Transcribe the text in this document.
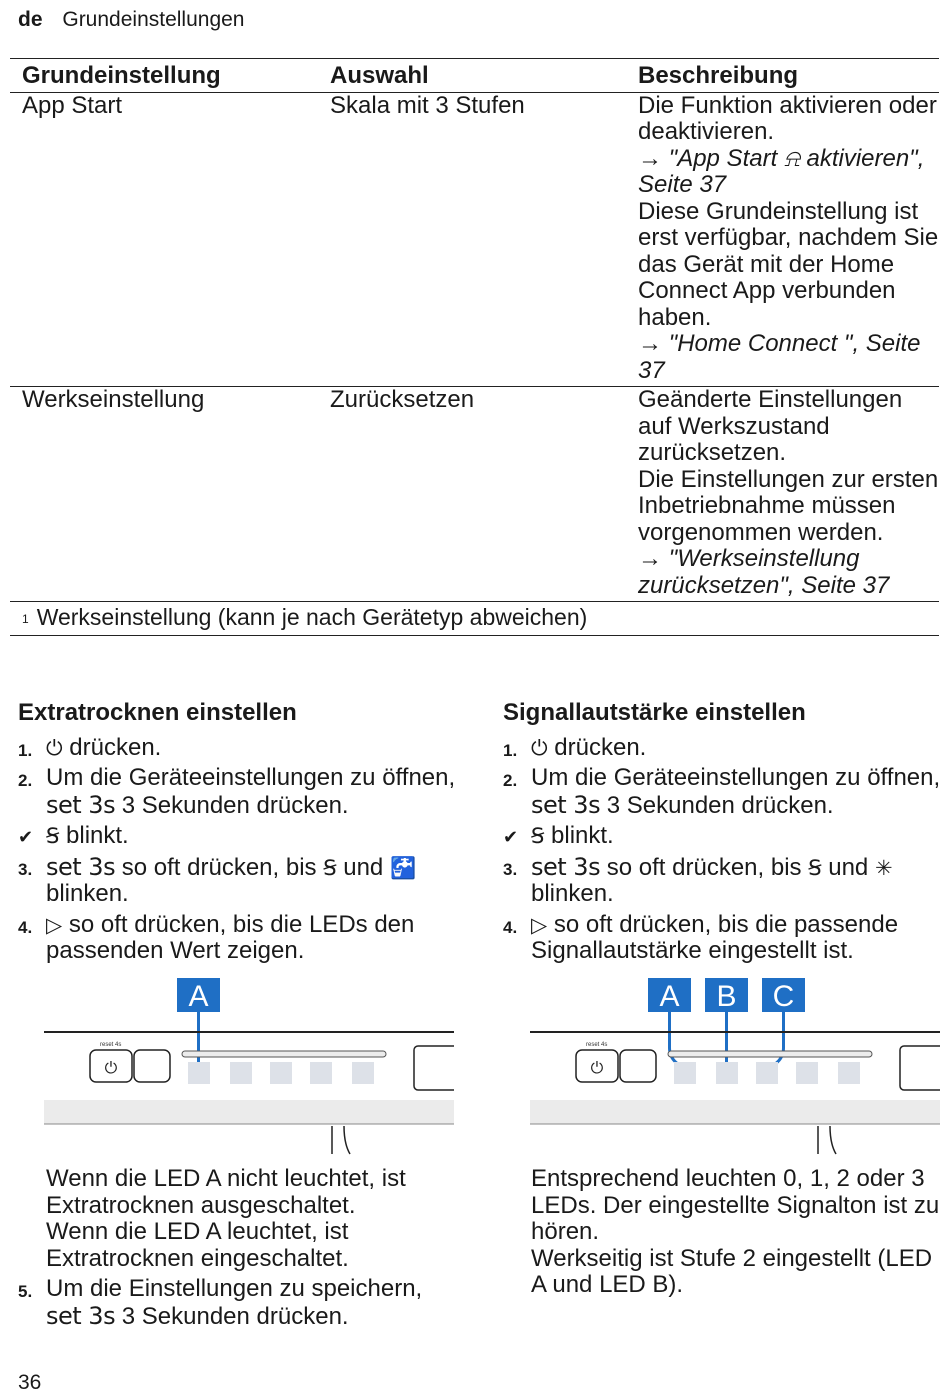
de Grundeinstellungen
Grundeinstellung	Auswahl	Beschreibung
App Start	Skala mit 3 Stufen	Die Funktion aktivieren oder deaktivieren.
→ "App Start ⍾ aktivieren", Seite 37
Diese Grundeinstellung ist erst verfügbar, nachdem Sie das Gerät mit der Home Connect App verbunden haben.
→ "Home Connect ", Seite 37

Werkseinstellung	Zurücksetzen	Geänderte Einstellungen auf Werkszustand zurücksetzen.
Die Einstellungen zur ersten Inbetriebnahme müssen vorgenommen werden.
→ "Werkseinstellung zurücksetzen", Seite 37

$^1$ Werkseinstellung (kann je nach Gerätetyp abweichen)		
Extratrocknen einstellen
1. ⏻ drücken.
2. Um die Geräteeinstellungen zu öffnen, set 3s 3 Sekunden drücken.
✔ Ꞩ blinkt.
3. set 3s so oft drücken, bis Ꞩ und 🚰 blinken.
4. ▷ so oft drücken, bis die LEDs den passenden Wert zeigen.
A
reset 4s
⏻
Wenn die LED A nicht leuchtet, ist Extratrocknen ausgeschaltet.
Wenn die LED A leuchtet, ist Extratrocknen eingeschaltet.
5. Um die Einstellungen zu speichern, set 3s 3 Sekunden drücken.
Signallautstärke einstellen
1. ⏻ drücken.
2. Um die Geräteeinstellungen zu öffnen, set 3s 3 Sekunden drücken.
✔ Ꞩ blinkt.
3. set 3s so oft drücken, bis Ꞩ und ✳ blinken.
4. ▷ so oft drücken, bis die passende Signallautstärke eingestellt ist.
A B C
reset 4s
⏻
Entsprechend leuchten 0, 1, 2 oder 3 LEDs. Der eingestellte Signalton ist zu hören.
Werkseitig ist Stufe 2 eingestellt (LED A und LED B).
36
